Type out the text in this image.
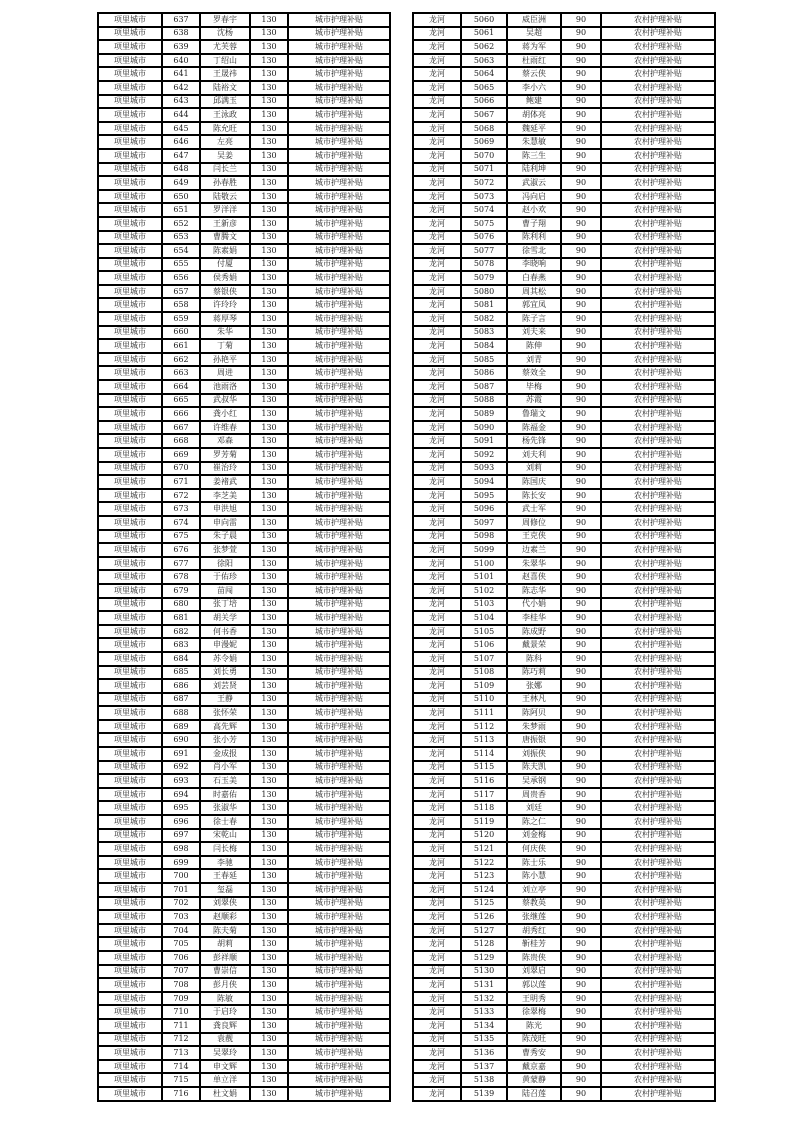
项里城市	637	罗春宇	130	城市护理补贴
项里城市	638	沈杨	130	城市护理补贴
项里城市	639	尤芙蓉	130	城市护理补贴
项里城市	640	丁绍山	130	城市护理补贴
项里城市	641	王晟祎	130	城市护理补贴
项里城市	642	陆裕文	130	城市护理补贴
项里城市	643	邱满玉	130	城市护理补贴
项里城市	644	王泳政	130	城市护理补贴
项里城市	645	陈允旺	130	城市护理补贴
项里城市	646	左亮	130	城市护理补贴
项里城市	647	吴姜	130	城市护理补贴
项里城市	648	闫长兰	130	城市护理补贴
项里城市	649	孙春胜	130	城市护理补贴
项里城市	650	陆敬云	130	城市护理补贴
项里城市	651	罗洋洋	130	城市护理补贴
项里城市	652	王新彦	130	城市护理补贴
项里城市	653	曹腾文	130	城市护理补贴
项里城市	654	陈素娟	130	城市护理补贴
项里城市	655	付厦	130	城市护理补贴
项里城市	656	侯秀娟	130	城市护理补贴
项里城市	657	蔡银侠	130	城市护理补贴
项里城市	658	许玲玲	130	城市护理补贴
项里城市	659	蒋厚琴	130	城市护理补贴
项里城市	660	朱华	130	城市护理补贴
项里城市	661	丁菊	130	城市护理补贴
项里城市	662	孙艳平	130	城市护理补贴
项里城市	663	周进	130	城市护理补贴
项里城市	664	池雨洛	130	城市护理补贴
项里城市	665	武叔华	130	城市护理补贴
项里城市	666	龚小红	130	城市护理补贴
项里城市	667	许维春	130	城市护理补贴
项里城市	668	邓森	130	城市护理补贴
项里城市	669	罗芳菊	130	城市护理补贴
项里城市	670	崔治玲	130	城市护理补贴
项里城市	671	姜褚武	130	城市护理补贴
项里城市	672	李芝美	130	城市护理补贴
项里城市	673	申洪旭	130	城市护理补贴
项里城市	674	申向雷	130	城市护理补贴
项里城市	675	朱子晨	130	城市护理补贴
项里城市	676	张梦萱	130	城市护理补贴
项里城市	677	徐阳	130	城市护理补贴
项里城市	678	于佑珍	130	城市护理补贴
项里城市	679	苗闯	130	城市护理补贴
项里城市	680	张丁培	130	城市护理补贴
项里城市	681	胡关学	130	城市护理补贴
项里城市	682	何书香	130	城市护理补贴
项里城市	683	申漫妮	130	城市护理补贴
项里城市	684	苏令娟	130	城市护理补贴
项里城市	685	刘长勇	130	城市护理补贴
项里城市	686	刘芸贤	130	城市护理补贴
项里城市	687	王静	130	城市护理补贴
项里城市	688	张怀荣	130	城市护理补贴
项里城市	689	高先辉	130	城市护理补贴
项里城市	690	张小芳	130	城市护理补贴
项里城市	691	金成报	130	城市护理补贴
项里城市	692	肖小军	130	城市护理补贴
项里城市	693	石玉美	130	城市护理补贴
项里城市	694	时嘉佑	130	城市护理补贴
项里城市	695	张淑华	130	城市护理补贴
项里城市	696	徐士春	130	城市护理补贴
项里城市	697	宋乾山	130	城市护理补贴
项里城市	698	闫长梅	130	城市护理补贴
项里城市	699	李驰	130	城市护理补贴
项里城市	700	王春延	130	城市护理补贴
项里城市	701	玺磊	130	城市护理补贴
项里城市	702	刘翠侠	130	城市护理补贴
项里城市	703	赵顺彩	130	城市护理补贴
项里城市	704	陈夫菊	130	城市护理补贴
项里城市	705	胡莉	130	城市护理补贴
项里城市	706	彭祥顺	130	城市护理补贴
项里城市	707	曹崇信	130	城市护理补贴
项里城市	708	彭月侠	130	城市护理补贴
项里城市	709	陈敏	130	城市护理补贴
项里城市	710	于启玲	130	城市护理补贴
项里城市	711	龚良辉	130	城市护理补贴
项里城市	712	袁靓	130	城市护理补贴
项里城市	713	吴翠玲	130	城市护理补贴
项里城市	714	申文辉	130	城市护理补贴
项里城市	715	单立洋	130	城市护理补贴
项里城市	716	杜文娟	130	城市护理补贴
龙河	5060	威臣洲	90	农村护理补贴
龙河	5061	吴超	90	农村护理补贴
龙河	5062	蒋为军	90	农村护理补贴
龙河	5063	杜雨红	90	农村护理补贴
龙河	5064	蔡云侠	90	农村护理补贴
龙河	5065	李小六	90	农村护理补贴
龙河	5066	鲍建	90	农村护理补贴
龙河	5067	胡体亮	90	农村护理补贴
龙河	5068	魏延平	90	农村护理补贴
龙河	5069	朱慧敏	90	农村护理补贴
龙河	5070	陈三生	90	农村护理补贴
龙河	5071	陆利坤	90	农村护理补贴
龙河	5072	武淑云	90	农村护理补贴
龙河	5073	冯向启	90	农村护理补贴
龙河	5074	赵小欢	90	农村护理补贴
龙河	5075	曹子翔	90	农村护理补贴
龙河	5076	陈利利	90	农村护理补贴
龙河	5077	徐雪北	90	农村护理补贴
龙河	5078	李晓响	90	农村护理补贴
龙河	5079	白春燕	90	农村护理补贴
龙河	5080	周其松	90	农村护理补贴
龙河	5081	郭宜凤	90	农村护理补贴
龙河	5082	陈子言	90	农村护理补贴
龙河	5083	刘夫来	90	农村护理补贴
龙河	5084	陈伸	90	农村护理补贴
龙河	5085	刘青	90	农村护理补贴
龙河	5086	蔡效全	90	农村护理补贴
龙河	5087	毕梅	90	农村护理补贴
龙河	5088	苏霞	90	农村护理补贴
龙河	5089	鲁瑞文	90	农村护理补贴
龙河	5090	陈福金	90	农村护理补贴
龙河	5091	杨先锋	90	农村护理补贴
龙河	5092	刘夫利	90	农村护理补贴
龙河	5093	刘莉	90	农村护理补贴
龙河	5094	陈国庆	90	农村护理补贴
龙河	5095	陈长安	90	农村护理补贴
龙河	5096	武士军	90	农村护理补贴
龙河	5097	周修位	90	农村护理补贴
龙河	5098	王克侠	90	农村护理补贴
龙河	5099	边素兰	90	农村护理补贴
龙河	5100	朱翠华	90	农村护理补贴
龙河	5101	赵喜侠	90	农村护理补贴
龙河	5102	陈志华	90	农村护理补贴
龙河	5103	代小娟	90	农村护理补贴
龙河	5104	李桂华	90	农村护理补贴
龙河	5105	陈成野	90	农村护理补贴
龙河	5106	戴景荣	90	农村护理补贴
龙河	5107	陈科	90	农村护理补贴
龙河	5108	陈巧莉	90	农村护理补贴
龙河	5109	张娜	90	农村护理补贴
龙河	5110	王林凡	90	农村护理补贴
龙河	5111	陈阿贝	90	农村护理补贴
龙河	5112	朱梦雨	90	农村护理补贴
龙河	5113	唐振银	90	农村护理补贴
龙河	5114	刘振侠	90	农村护理补贴
龙河	5115	陈夫凯	90	农村护理补贴
龙河	5116	吴承钢	90	农村护理补贴
龙河	5117	周贵香	90	农村护理补贴
龙河	5118	刘廷	90	农村护理补贴
龙河	5119	陈之仁	90	农村护理补贴
龙河	5120	刘金梅	90	农村护理补贴
龙河	5121	何庆侠	90	农村护理补贴
龙河	5122	陈士乐	90	农村护理补贴
龙河	5123	陈小慧	90	农村护理补贴
龙河	5124	刘立亭	90	农村护理补贴
龙河	5125	蔡教英	90	农村护理补贴
龙河	5126	张继莲	90	农村护理补贴
龙河	5127	胡秀红	90	农村护理补贴
龙河	5128	靳桂芳	90	农村护理补贴
龙河	5129	陈贵侠	90	农村护理补贴
龙河	5130	刘翠启	90	农村护理补贴
龙河	5131	郭以莲	90	农村护理补贴
龙河	5132	王明秀	90	农村护理补贴
龙河	5133	徐翠梅	90	农村护理补贴
龙河	5134	陈光	90	农村护理补贴
龙河	5135	陈茂旺	90	农村护理补贴
龙河	5136	曹秀安	90	农村护理补贴
龙河	5137	戴京嘉	90	农村护理补贴
龙河	5138	黄蒙静	90	农村护理补贴
龙河	5139	陆召莲	90	农村护理补贴
